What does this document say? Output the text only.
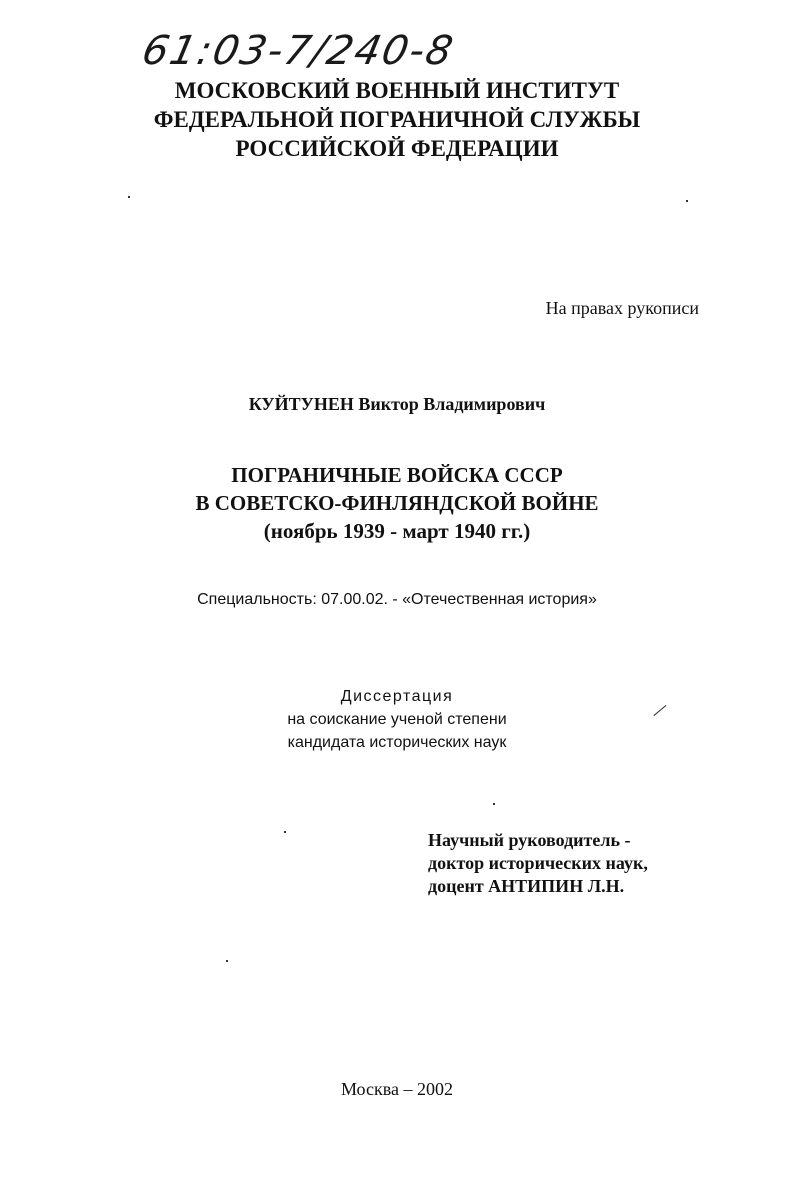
61:03-7/240-8
МОСКОВСКИЙ ВОЕННЫЙ ИНСТИТУТ
ФЕДЕРАЛЬНОЙ ПОГРАНИЧНОЙ СЛУЖБЫ
РОССИЙСКОЙ ФЕДЕРАЦИИ
На правах рукописи
КУЙТУНЕН Виктор Владимирович
ПОГРАНИЧНЫЕ ВОЙСКА СССР
В СОВЕТСКО-ФИНЛЯНДСКОЙ ВОЙНЕ
(ноябрь 1939 - март 1940 гг.)
Специальность: 07.00.02. - «Отечественная история»
Диссертация
на соискание ученой степени
кандидата исторических наук
Научный руководитель -
доктор исторических наук,
доцент АНТИПИН Л.Н.
Москва – 2002
